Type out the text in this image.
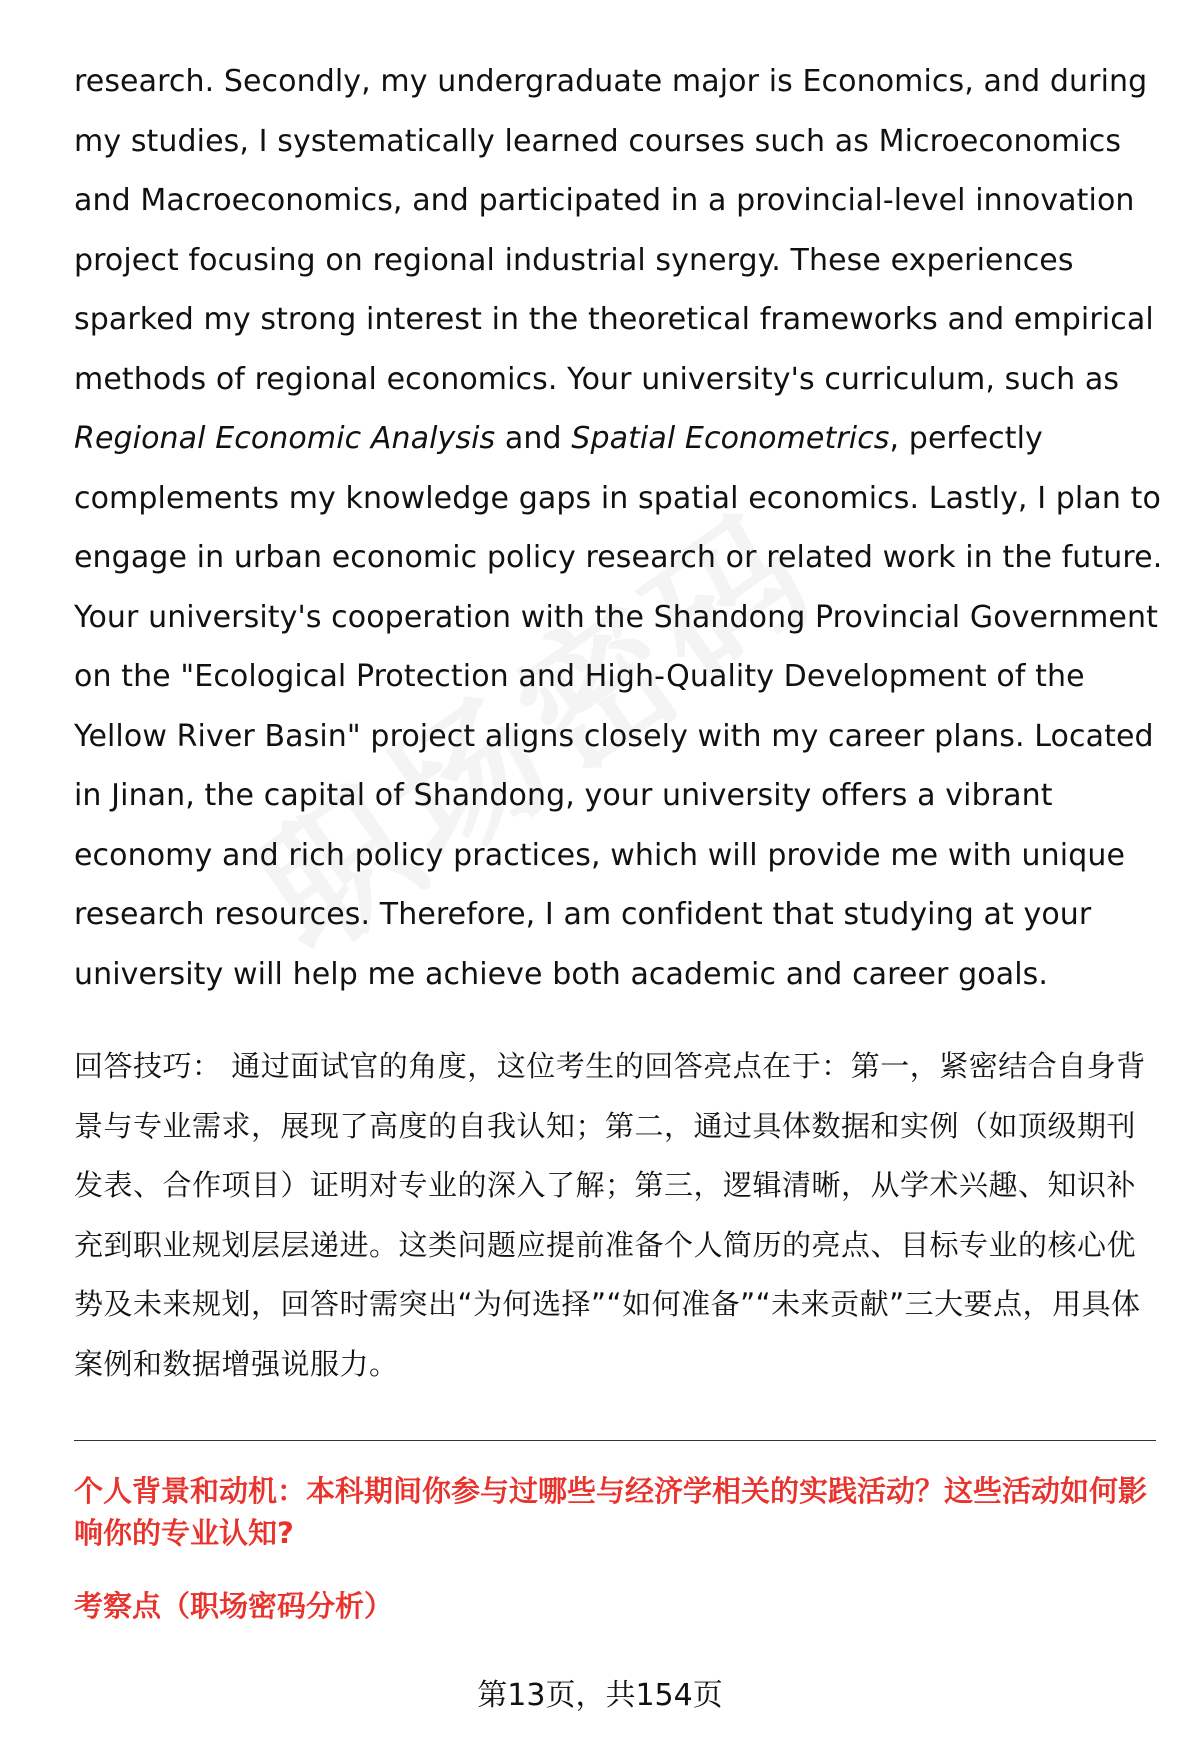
research. Secondly, my undergraduate major is Economics, and during my studies, I systematically learned courses such as Microeconomics and Macroeconomics, and participated in a provincial-level innovation project focusing on regional industrial synergy. These experiences sparked my strong interest in the theoretical frameworks and empirical methods of regional economics. Your university's curriculum, such as Regional Economic Analysis and Spatial Econometrics, perfectly complements my knowledge gaps in spatial economics. Lastly, I plan to engage in urban economic policy research or related work in the future. Your university's cooperation with the Shandong Provincial Government on the "Ecological Protection and High-Quality Development of the Yellow River Basin" project aligns closely with my career plans. Located in Jinan, the capital of Shandong, your university offers a vibrant economy and rich policy practices, which will provide me with unique research resources. Therefore, I am confident that studying at your university will help me achieve both academic and career goals.

回答技巧： 通过面试官的角度，这位考生的回答亮点在于：第一，紧密结合自身背景与专业需求，展现了高度的自我认知；第二，通过具体数据和实例（如顶级期刊发表、合作项目）证明对专业的深入了解；第三，逻辑清晰，从学术兴趣、知识补充到职业规划层层递进。这类问题应提前准备个人简历的亮点、目标专业的核心优势及未来规划，回答时需突出“为何选择”“如何准备”“未来贡献”三大要点，用具体案例和数据增强说服力。

个人背景和动机：本科期间你参与过哪些与经济学相关的实践活动？这些活动如何影响你的专业认知?

考察点（职场密码分析）

第13页，共154页
